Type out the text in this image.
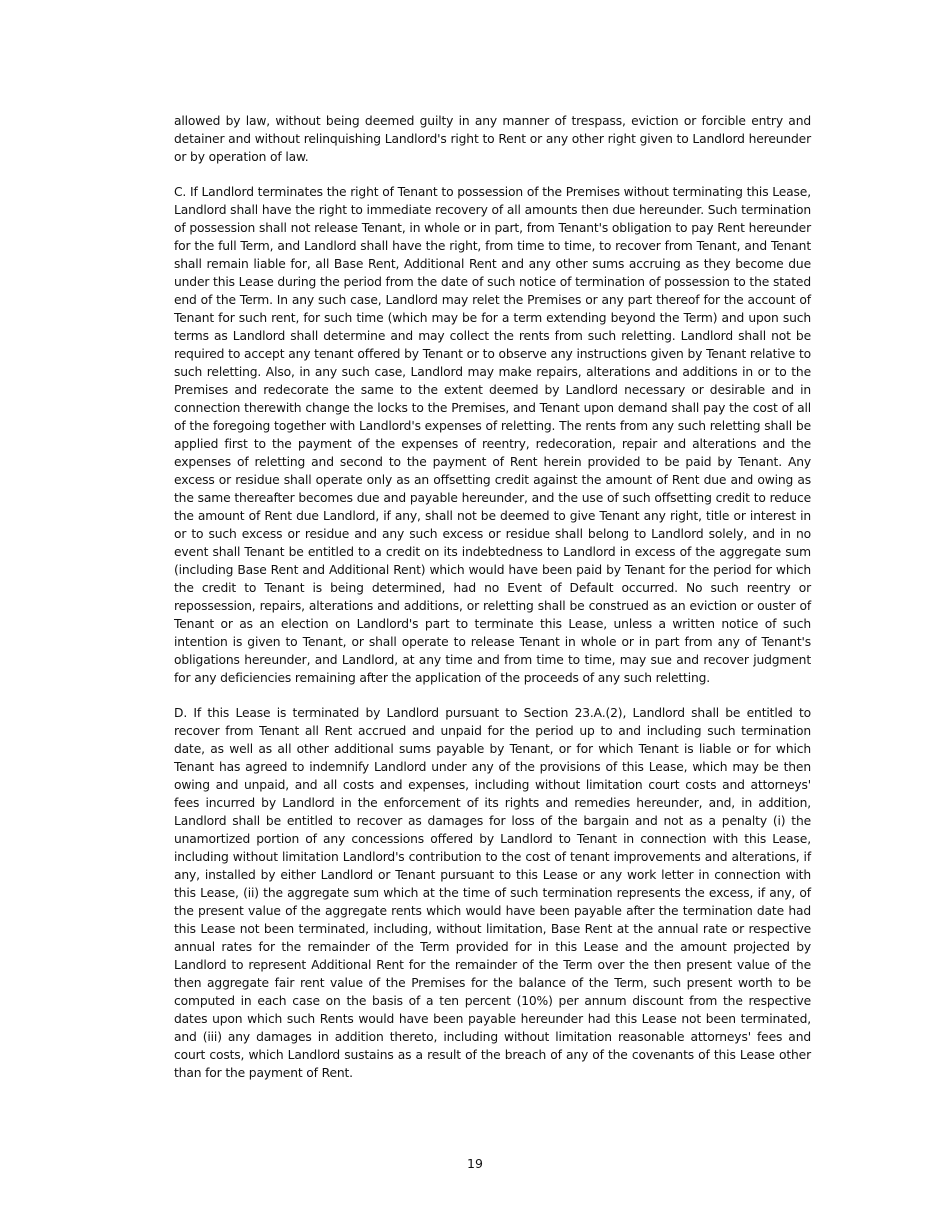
allowed by law, without being deemed guilty in any manner of trespass, eviction or forcible entry and detainer and without relinquishing Landlord's right to Rent or any other right given to Landlord hereunder or by operation of law.

C. If Landlord terminates the right of Tenant to possession of the Premises without terminating this Lease, Landlord shall have the right to immediate recovery of all amounts then due hereunder. Such termination of possession shall not release Tenant, in whole or in part, from Tenant's obligation to pay Rent hereunder for the full Term, and Landlord shall have the right, from time to time, to recover from Tenant, and Tenant shall remain liable for, all Base Rent, Additional Rent and any other sums accruing as they become due under this Lease during the period from the date of such notice of termination of possession to the stated end of the Term. In any such case, Landlord may relet the Premises or any part thereof for the account of Tenant for such rent, for such time (which may be for a term extending beyond the Term) and upon such terms as Landlord shall determine and may collect the rents from such reletting. Landlord shall not be required to accept any tenant offered by Tenant or to observe any instructions given by Tenant relative to such reletting. Also, in any such case, Landlord may make repairs, alterations and additions in or to the Premises and redecorate the same to the extent deemed by Landlord necessary or desirable and in connection therewith change the locks to the Premises, and Tenant upon demand shall pay the cost of all of the foregoing together with Landlord's expenses of reletting. The rents from any such reletting shall be applied first to the payment of the expenses of reentry, redecoration, repair and alterations and the expenses of reletting and second to the payment of Rent herein provided to be paid by Tenant. Any excess or residue shall operate only as an offsetting credit against the amount of Rent due and owing as the same thereafter becomes due and payable hereunder, and the use of such offsetting credit to reduce the amount of Rent due Landlord, if any, shall not be deemed to give Tenant any right, title or interest in or to such excess or residue and any such excess or residue shall belong to Landlord solely, and in no event shall Tenant be entitled to a credit on its indebtedness to Landlord in excess of the aggregate sum (including Base Rent and Additional Rent) which would have been paid by Tenant for the period for which the credit to Tenant is being determined, had no Event of Default occurred. No such reentry or repossession, repairs, alterations and additions, or reletting shall be construed as an eviction or ouster of Tenant or as an election on Landlord's part to terminate this Lease, unless a written notice of such intention is given to Tenant, or shall operate to release Tenant in whole or in part from any of Tenant's obligations hereunder, and Landlord, at any time and from time to time, may sue and recover judgment for any deficiencies remaining after the application of the proceeds of any such reletting.

D. If this Lease is terminated by Landlord pursuant to Section 23.A.(2), Landlord shall be entitled to recover from Tenant all Rent accrued and unpaid for the period up to and including such termination date, as well as all other additional sums payable by Tenant, or for which Tenant is liable or for which Tenant has agreed to indemnify Landlord under any of the provisions of this Lease, which may be then owing and unpaid, and all costs and expenses, including without limitation court costs and attorneys' fees incurred by Landlord in the enforcement of its rights and remedies hereunder, and, in addition, Landlord shall be entitled to recover as damages for loss of the bargain and not as a penalty (i) the unamortized portion of any concessions offered by Landlord to Tenant in connection with this Lease, including without limitation Landlord's contribution to the cost of tenant improvements and alterations, if any, installed by either Landlord or Tenant pursuant to this Lease or any work letter in connection with this Lease, (ii) the aggregate sum which at the time of such termination represents the excess, if any, of the present value of the aggregate rents which would have been payable after the termination date had this Lease not been terminated, including, without limitation, Base Rent at the annual rate or respective annual rates for the remainder of the Term provided for in this Lease and the amount projected by Landlord to represent Additional Rent for the remainder of the Term over the then present value of the then aggregate fair rent value of the Premises for the balance of the Term, such present worth to be computed in each case on the basis of a ten percent (10%) per annum discount from the respective dates upon which such Rents would have been payable hereunder had this Lease not been terminated, and (iii) any damages in addition thereto, including without limitation reasonable attorneys' fees and court costs, which Landlord sustains as a result of the breach of any of the covenants of this Lease other than for the payment of Rent.

19
